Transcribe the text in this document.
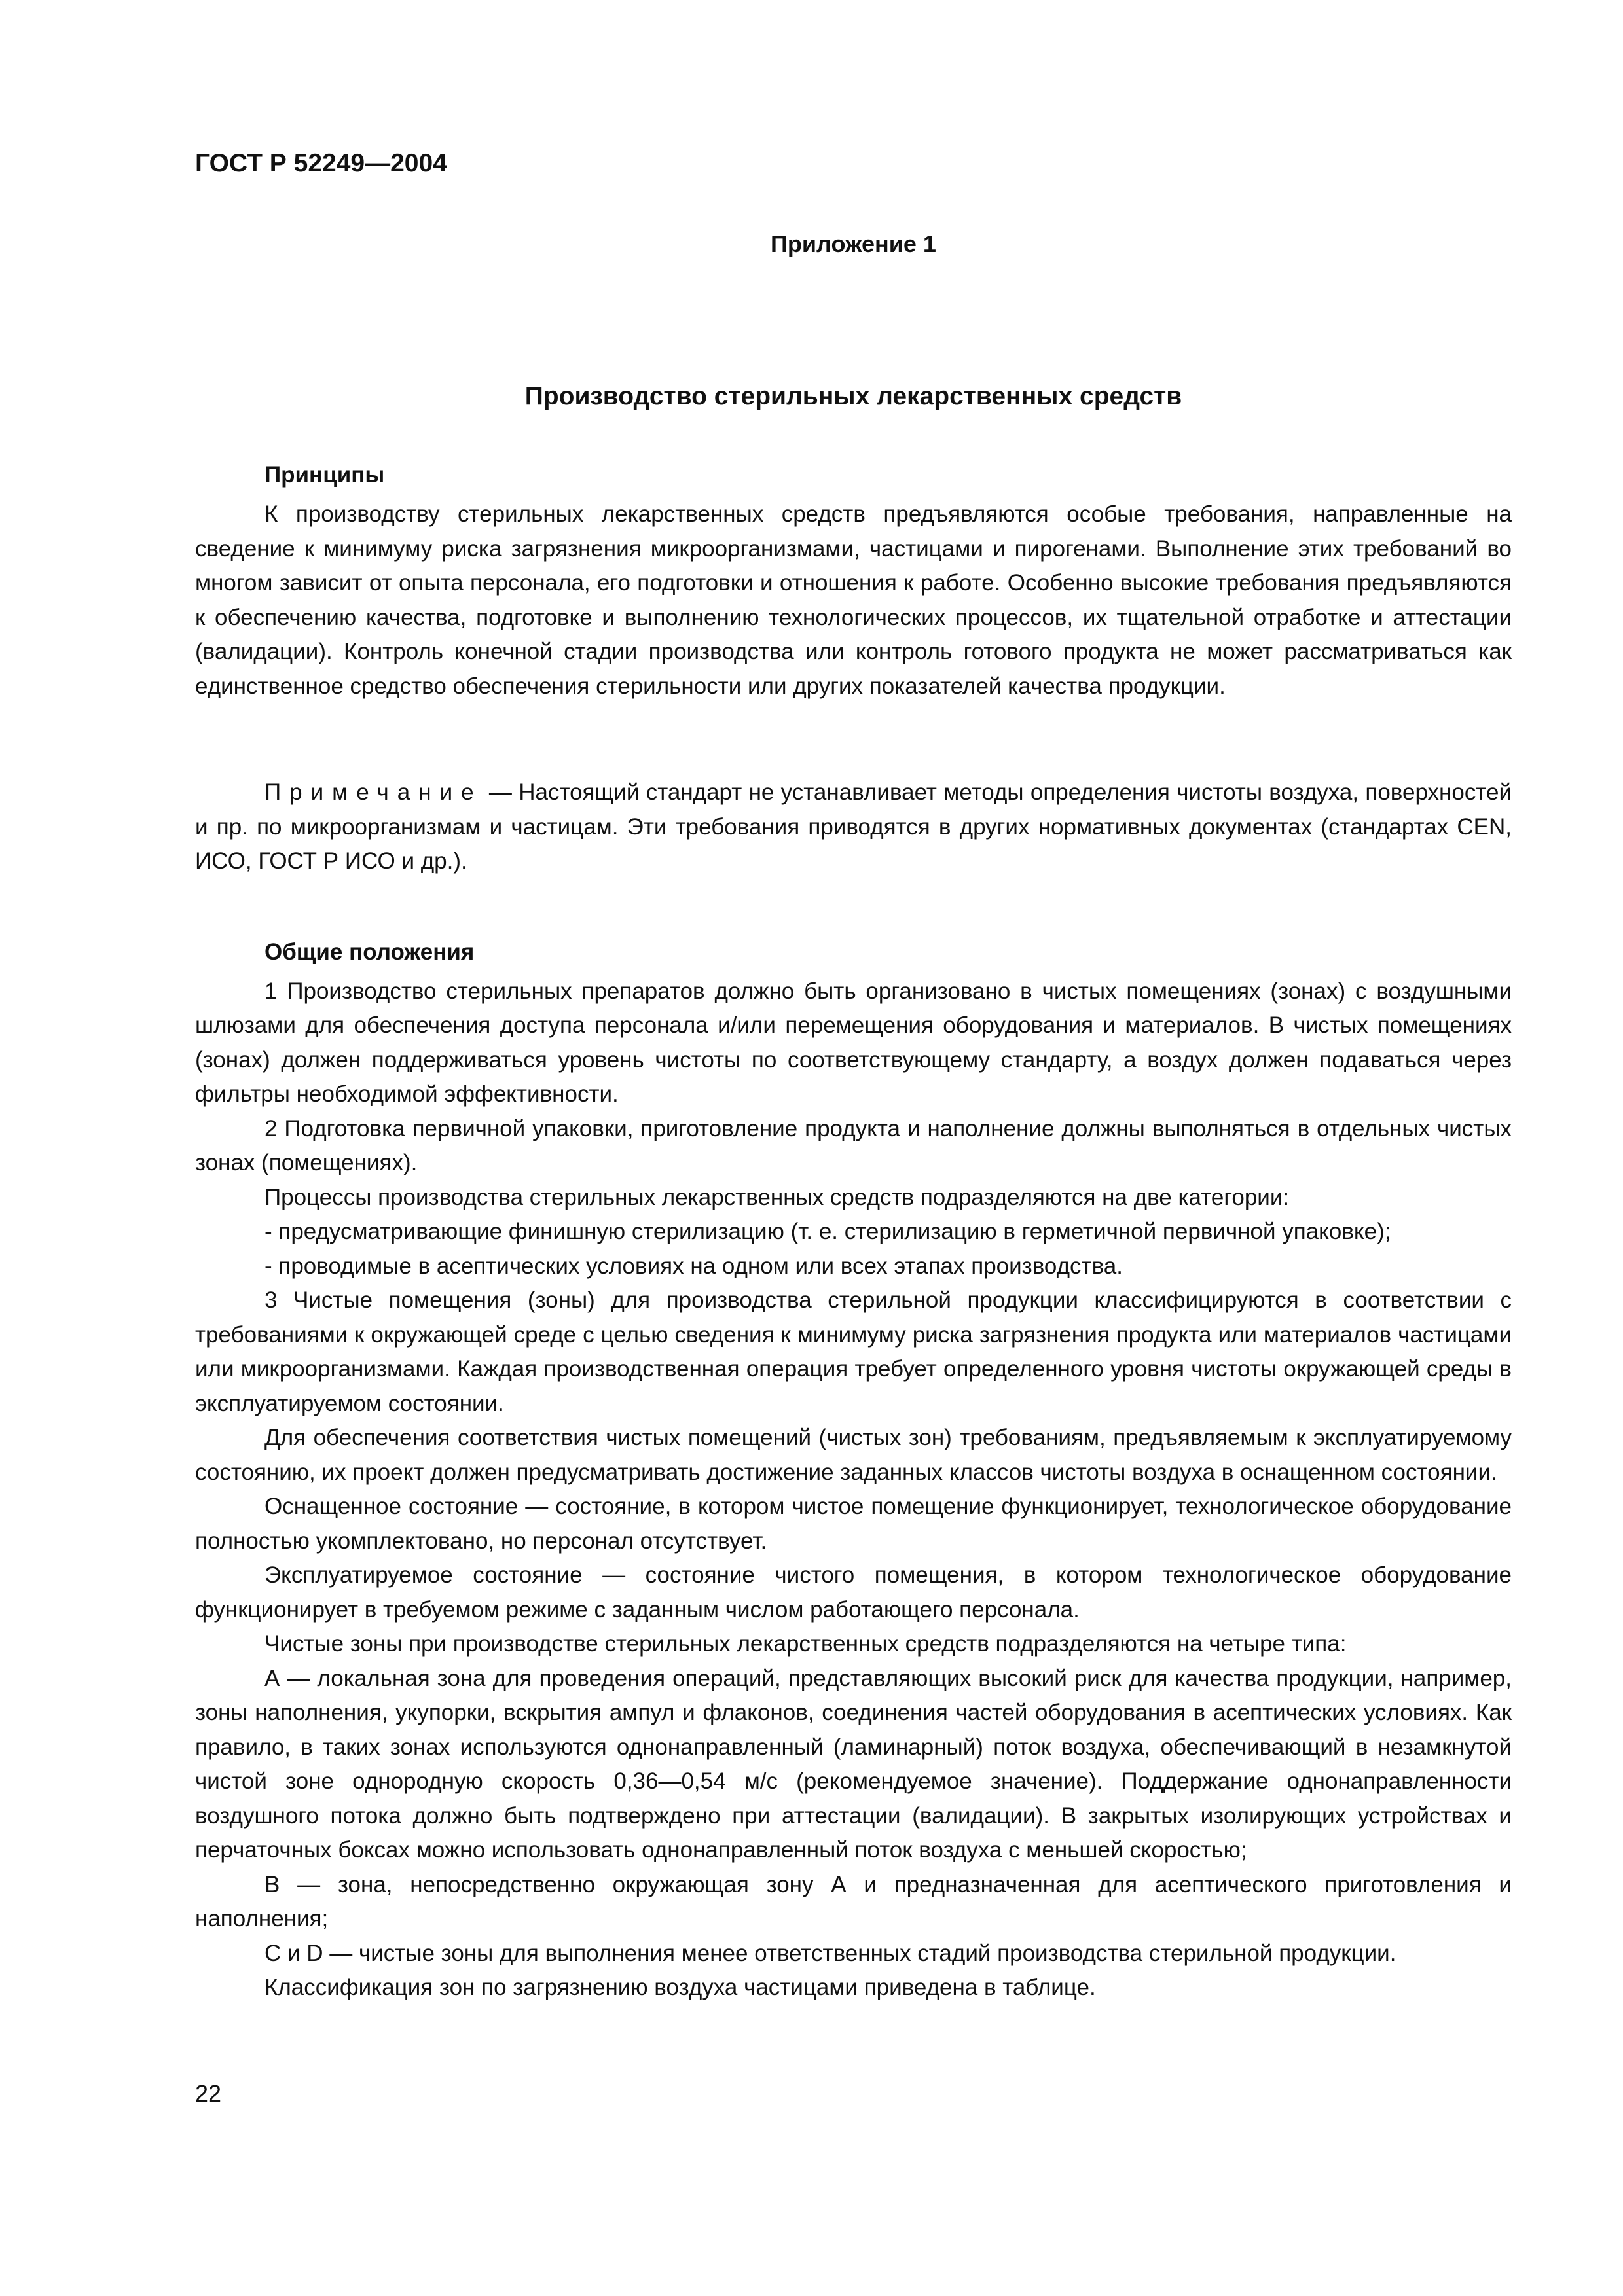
ГОСТ Р 52249—2004
Приложение 1
Производство стерильных лекарственных средств
Принципы

К производству стерильных лекарственных средств предъявляются особые требования, направленные на сведение к минимуму риска загрязнения микроорганизмами, частицами и пирогенами. Выполнение этих требований во многом зависит от опыта персонала, его подготовки и отношения к работе. Особенно высокие требования предъявляются к обеспечению качества, подготовке и выполнению технологических процессов, их тщательной отработке и аттестации (валидации). Контроль конечной стадии производства или контроль готового продукта не может рассматриваться как единственное средство обеспечения стерильности или других показателей качества продукции.

Примечание — Настоящий стандарт не устанавливает методы определения чистоты воздуха, поверхностей и пр. по микроорганизмам и частицам. Эти требования приводятся в других нормативных документах (стандартах CEN, ИСО, ГОСТ Р ИСО и др.).

Общие положения

1 Производство стерильных препаратов должно быть организовано в чистых помещениях (зонах) с воздушными шлюзами для обеспечения доступа персонала и/или перемещения оборудования и материалов. В чистых помещениях (зонах) должен поддерживаться уровень чистоты по соответствующему стандарту, а воздух должен подаваться через фильтры необходимой эффективности.

2 Подготовка первичной упаковки, приготовление продукта и наполнение должны выполняться в отдельных чистых зонах (помещениях).

Процессы производства стерильных лекарственных средств подразделяются на две категории:

- предусматривающие финишную стерилизацию (т. е. стерилизацию в герметичной первичной упаковке);

- проводимые в асептических условиях на одном или всех этапах производства.

3 Чистые помещения (зоны) для производства стерильной продукции классифицируются в соответствии с требованиями к окружающей среде с целью сведения к минимуму риска загрязнения продукта или материалов частицами или микроорганизмами. Каждая производственная операция требует определенного уровня чистоты окружающей среды в эксплуатируемом состоянии.

Для обеспечения соответствия чистых помещений (чистых зон) требованиям, предъявляемым к эксплуатируемому состоянию, их проект должен предусматривать достижение заданных классов чистоты воздуха в оснащенном состоянии.

Оснащенное состояние — состояние, в котором чистое помещение функционирует, технологическое оборудование полностью укомплектовано, но персонал отсутствует.

Эксплуатируемое состояние — состояние чистого помещения, в котором технологическое оборудование функционирует в требуемом режиме с заданным числом работающего персонала.

Чистые зоны при производстве стерильных лекарственных средств подразделяются на четыре типа:

А — локальная зона для проведения операций, представляющих высокий риск для качества продукции, например, зоны наполнения, укупорки, вскрытия ампул и флаконов, соединения частей оборудования в асептических условиях. Как правило, в таких зонах используются однонаправленный (ламинарный) поток воздуха, обеспечивающий в незамкнутой чистой зоне однородную скорость 0,36—0,54 м/с (рекомендуемое значение). Поддержание однонаправленности воздушного потока должно быть подтверждено при аттестации (валидации). В закрытых изолирующих устройствах и перчаточных боксах можно использовать однонаправленный поток воздуха с меньшей скоростью;

В — зона, непосредственно окружающая зону А и предназначенная для асептического приготовления и наполнения;

С и D — чистые зоны для выполнения менее ответственных стадий производства стерильной продукции.

Классификация зон по загрязнению воздуха частицами приведена в таблице.

22
